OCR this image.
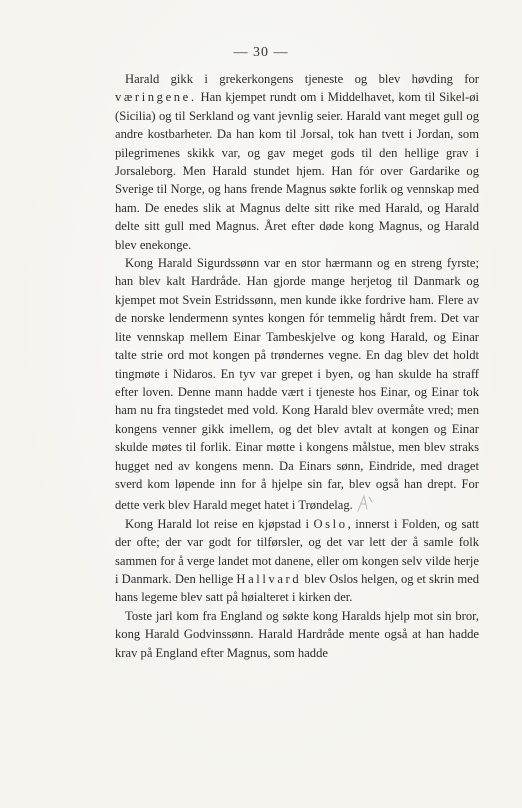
— 30 —

Harald gikk i grekerkongens tjeneste og blev høvding for væringene. Han kjempet rundt om i Middelhavet, kom til Sikel-øi (Sicilia) og til Serkland og vant jevnlig seier. Harald vant meget gull og andre kostbarheter. Da han kom til Jorsal, tok han tvett i Jordan, som pilegrimenes skikk var, og gav meget gods til den hellige grav i Jorsaleborg. Men Harald stundet hjem. Han fór over Gardarike og Sverige til Norge, og hans frende Magnus søkte forlik og vennskap med ham. De enedes slik at Magnus delte sitt rike med Harald, og Harald delte sitt gull med Magnus. Året efter døde kong Magnus, og Harald blev enekonge.

Kong Harald Sigurdssønn var en stor hærmann og en streng fyrste; han blev kalt Hardråde. Han gjorde mange herjetog til Danmark og kjempet mot Svein Estridssønn, men kunde ikke fordrive ham. Flere av de norske lendermenn syntes kongen fór temmelig hårdt frem. Det var lite vennskap mellem Einar Tambeskjelve og kong Harald, og Einar talte strie ord mot kongen på trøndernes vegne. En dag blev det holdt tingmøte i Nidaros. En tyv var grepet i byen, og han skulde ha straff efter loven. Denne mann hadde vært i tjeneste hos Einar, og Einar tok ham nu fra tingstedet med vold. Kong Harald blev overmåte vred; men kongens venner gikk imellem, og det blev avtalt at kongen og Einar skulde møtes til forlik. Einar møtte i kongens målstue, men blev straks hugget ned av kongens menn. Da Einars sønn, Eindride, med draget sverd kom løpende inn for å hjelpe sin far, blev også han drept. For dette verk blev Harald meget hatet i Trøndelag.

Kong Harald lot reise en kjøpstad i Oslo, innerst i Folden, og satt der ofte; der var godt for tilførsler, og det var lett der å samle folk sammen for å verge landet mot danene, eller om kongen selv vilde herje i Danmark. Den hellige Hallvard blev Oslos helgen, og et skrin med hans legeme blev satt på høialteret i kirken der.

Toste jarl kom fra England og søkte kong Haralds hjelp mot sin bror, kong Harald Godvinssønn. Harald Hardråde mente også at han hadde krav på England efter Magnus, som hadde
